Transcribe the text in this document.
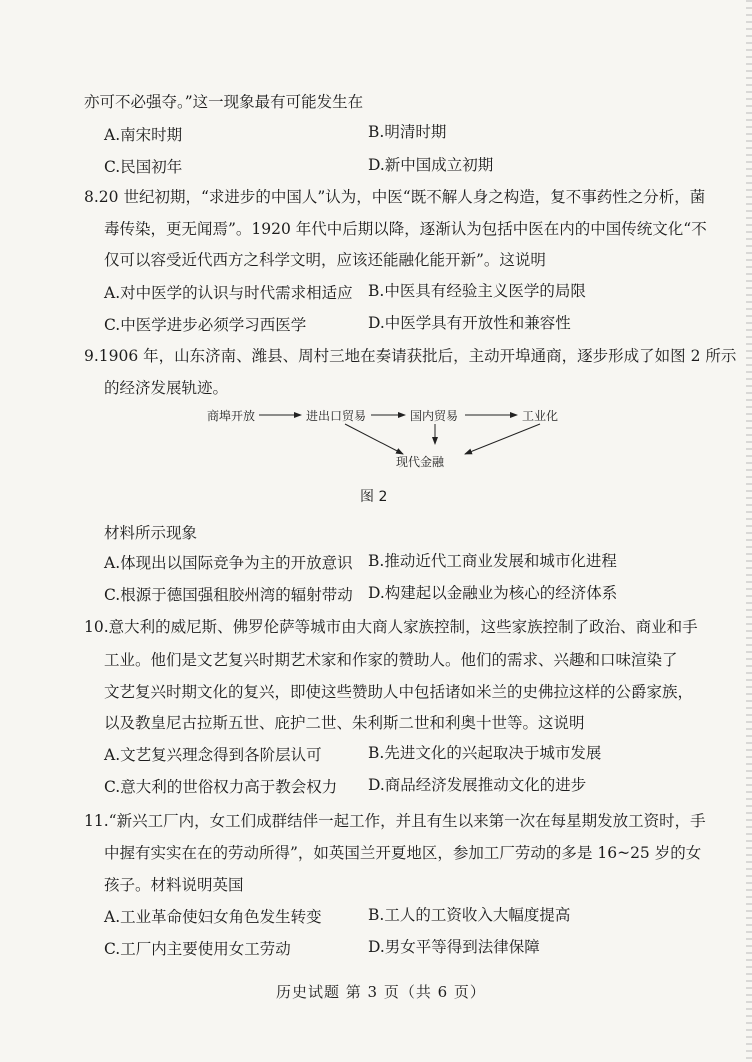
亦可不必强夺。”这一现象最有可能发生在
A.南宋时期	B.明清时期
C.民国初年	D.新中国成立初期
8.20 世纪初期，“求进步的中国人”认为，中医“既不解人身之构造，复不事药性之分析，菌
毒传染，更无闻焉”。1920 年代中后期以降，逐渐认为包括中医在内的中国传统文化“不
仅可以容受近代西方之科学文明，应该还能融化能开新”。这说明
A.对中医学的认识与时代需求相适应 B.中医具有经验主义医学的局限
C.中医学进步必须学习西医学	D.中医学具有开放性和兼容性
9.1906 年，山东济南、潍县、周村三地在奏请获批后，主动开埠通商，逐步形成了如图 2 所示
的经济发展轨迹。
商埠开放	进出口贸易	国内贸易	工业化
现代金融
图 2
材料所示现象
A.体现出以国际竞争为主的开放意识 B.推动近代工商业发展和城市化进程
C.根源于德国强租胶州湾的辐射带动 D.构建起以金融业为核心的经济体系
10.意大利的威尼斯、佛罗伦萨等城市由大商人家族控制，这些家族控制了政治、商业和手
工业。他们是文艺复兴时期艺术家和作家的赞助人。他们的需求、兴趣和口味渲染了
文艺复兴时期文化的复兴，即使这些赞助人中包括诸如米兰的史佛拉这样的公爵家族，
以及教皇尼古拉斯五世、庇护二世、朱利斯二世和利奥十世等。这说明
A.文艺复兴理念得到各阶层认可	B.先进文化的兴起取决于城市发展
C.意大利的世俗权力高于教会权力 D.商品经济发展推动文化的进步
11.“新兴工厂内，女工们成群结伴一起工作，并且有生以来第一次在每星期发放工资时，手
中握有实实在在的劳动所得”，如英国兰开夏地区，参加工厂劳动的多是 16~25 岁的女
孩子。材料说明英国
A.工业革命使妇女角色发生转变	B.工人的工资收入大幅度提高
C.工厂内主要使用女工劳动	D.男女平等得到法律保障
历史试题 第 3 页（共 6 页）
